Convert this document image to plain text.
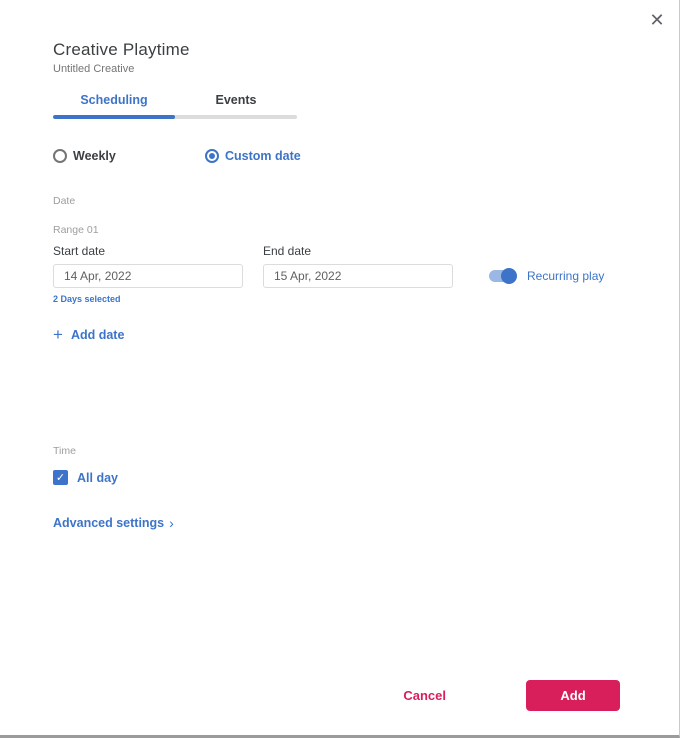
✕
Creative Playtime
Untitled Creative
Scheduling	Events
Weekly	Custom date
Date
Range 01
Start date	End date
14 Apr, 2022
15 Apr, 2022
Recurring play
2 Days selected
+ Add date
Time
✓ All day
Advanced settings ›
Cancel	Add
